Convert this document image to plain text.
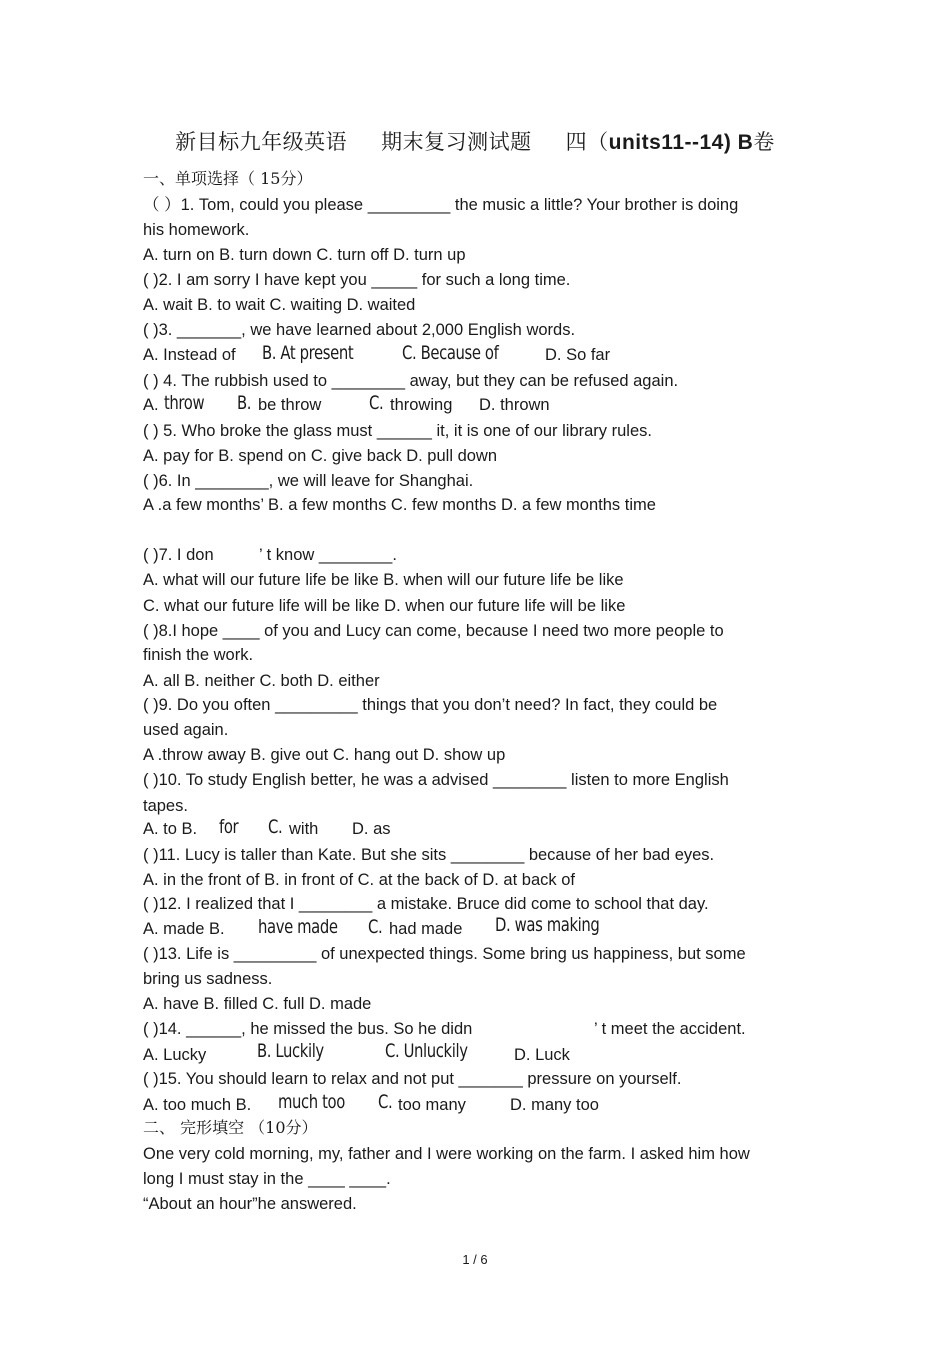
新目标九年级英语 期末复习测试题 四（units11--14) B卷
一、单项选择（ 15分）
（ ）1. Tom, could you please _________ the music a little? Your brother is doing
his homework.
A. turn on B. turn down C. turn off D. turn up
( )2. I am sorry I have kept you _____ for such a long time.
A. wait B. to wait C. waiting D. waited
( )3. _______, we have learned about 2,000 English words.
A. Instead of B. At present	C. Because of	D. So far
( ) 4. The rubbish used to ________ away, but they can be refused again.
A. throw	B. be throw	C. throwing D. thrown
( ) 5. Who broke the glass must ______ it, it is one of our library rules.
A. pay for B. spend on C. give back D. pull down
( )6. In ________, we will leave for Shanghai.
A .a few months’ B. a few months C. few months D. a few months time
( )7. I don	’ t know ________.
A. what will our future life be like B. when will our future life be like
C. what our future life will be like D. when our future life will be like
( )8.I hope ____ of you and Lucy can come, because I need two more people to
finish the work.
A. all B. neither C. both D. either
( )9. Do you often _________ things that you don’t need? In fact, they could be
used again.
A .throw away B. give out C. hang out D. show up
( )10. To study English better, he was a advised ________ listen to more English
tapes.
A. to B. for C. with D. as
( )11. Lucy is taller than Kate. But she sits ________ because of her bad eyes.
A. in the front of B. in front of C. at the back of D. at back of
( )12. I realized that I ________ a mistake. Bruce did come to school that day.
A. made B. have made	C. had made D. was making
( )13. Life is _________ of unexpected things. Some bring us happiness, but some
bring us sadness.
A. have B. filled C. full D. made
( )14. ______, he missed the bus. So he didn	’ t meet the accident.
A. Lucky	B. Luckily	C. Unluckily	D. Luck
( )15. You should learn to relax and not put _______ pressure on yourself.
A. too much B. much too	C. too many	D. many too
二、 完形填空 （10分）
One very cold morning, my, father and I were working on the farm. I asked him how
long I must stay in the ____ ____.
“About an hour”he answered.
1 / 6
